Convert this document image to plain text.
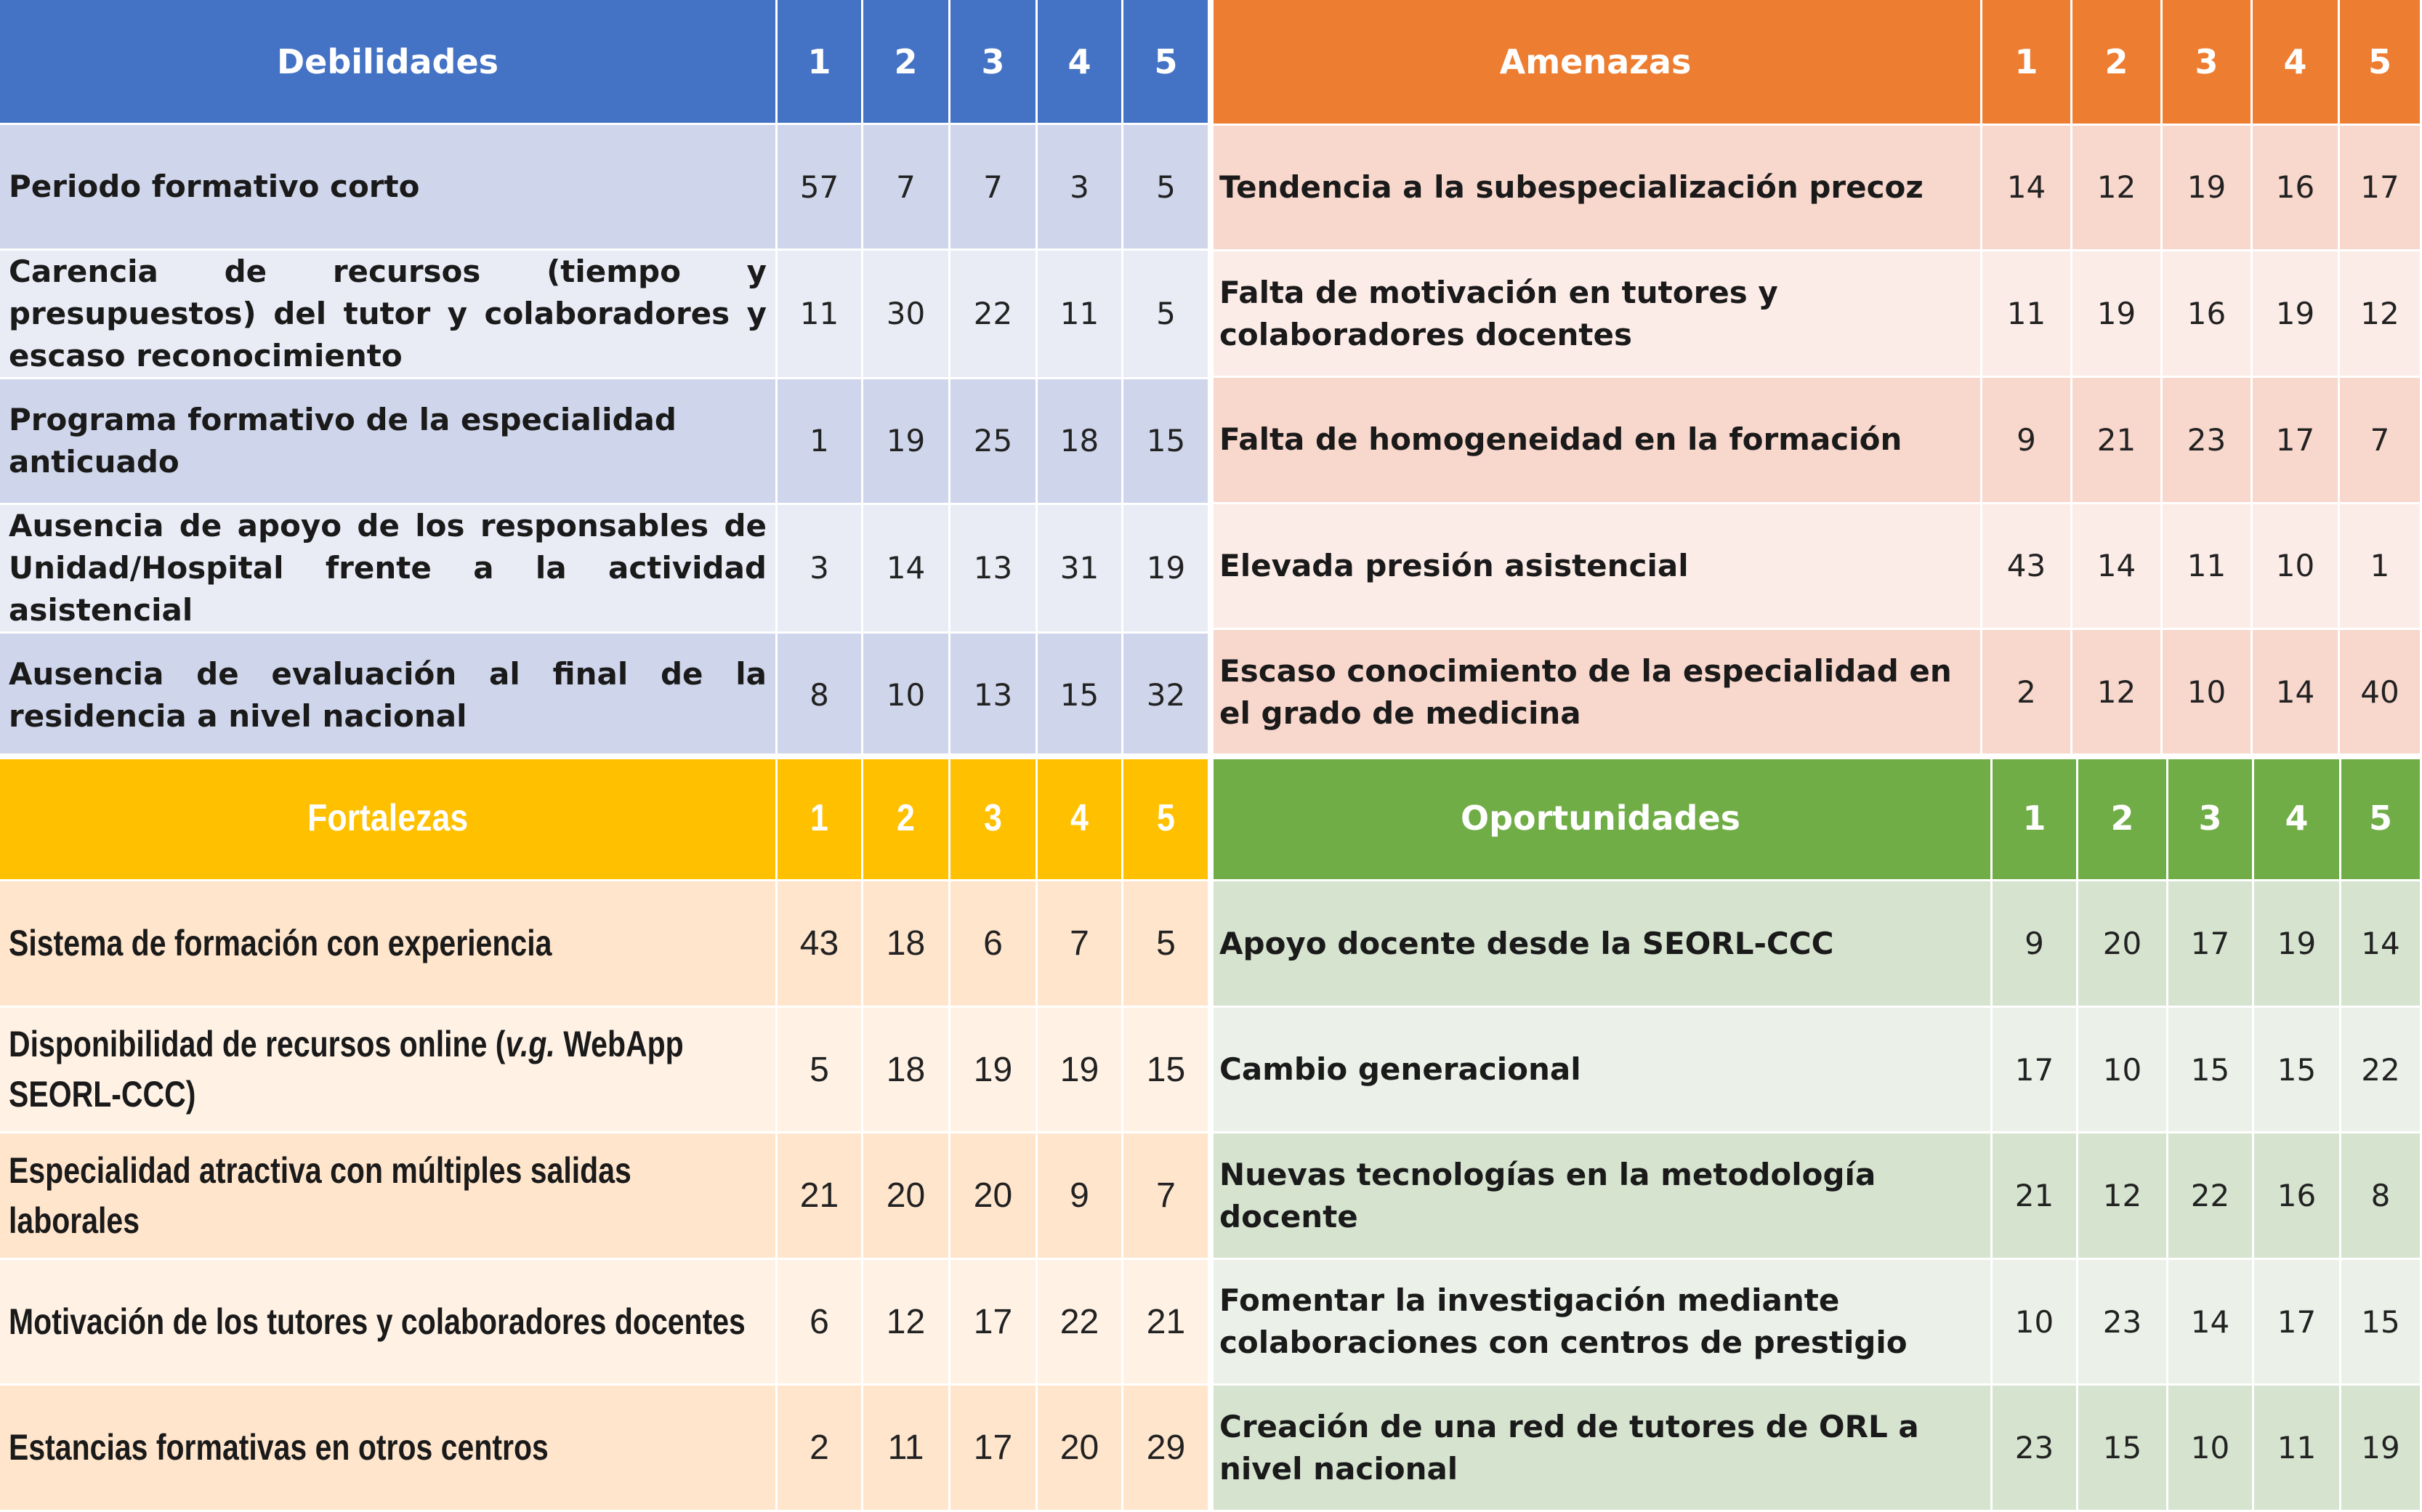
Debilidades	1	2	3	4	5
Periodo formativo corto	57	7	7	3	5
Carencia de recursos (tiempo y presupuestos) del tutor y colaboradores y escaso reconocimiento	11	30	22	11	5
Programa formativo de la especialidad anticuado	1	19	25	18	15
Ausencia de apoyo de los responsables de Unidad/Hospital frente a la actividad asistencial	3	14	13	31	19
Ausencia de evaluación al final de la residencia a nivel nacional	8	10	13	15	32
Amenazas	1	2	3	4	5
Tendencia a la subespecialización precoz	14	12	19	16	17
Falta de motivación en tutores y colaboradores docentes	11	19	16	19	12
Falta de homogeneidad en la formación	9	21	23	17	7
Elevada presión asistencial	43	14	11	10	1
Escaso conocimiento de la especialidad en el grado de medicina	2	12	10	14	40
Fortalezas	1	2	3	4	5
Sistema de formación con experiencia	43	18	6	7	5
Disponibilidad de recursos online (v.g. WebApp SEORL-CCC)	5	18	19	19	15
Especialidad atractiva con múltiples salidas laborales	21	20	20	9	7
Motivación de los tutores y colaboradores docentes	6	12	17	22	21
Estancias formativas en otros centros	2	11	17	20	29
Oportunidades	1	2	3	4	5
Apoyo docente desde la SEORL-CCC	9	20	17	19	14
Cambio generacional	17	10	15	15	22
Nuevas tecnologías en la metodología docente	21	12	22	16	8
Fomentar la investigación mediante colaboraciones con centros de prestigio	10	23	14	17	15
Creación de una red de tutores de ORL a nivel nacional	23	15	10	11	19
